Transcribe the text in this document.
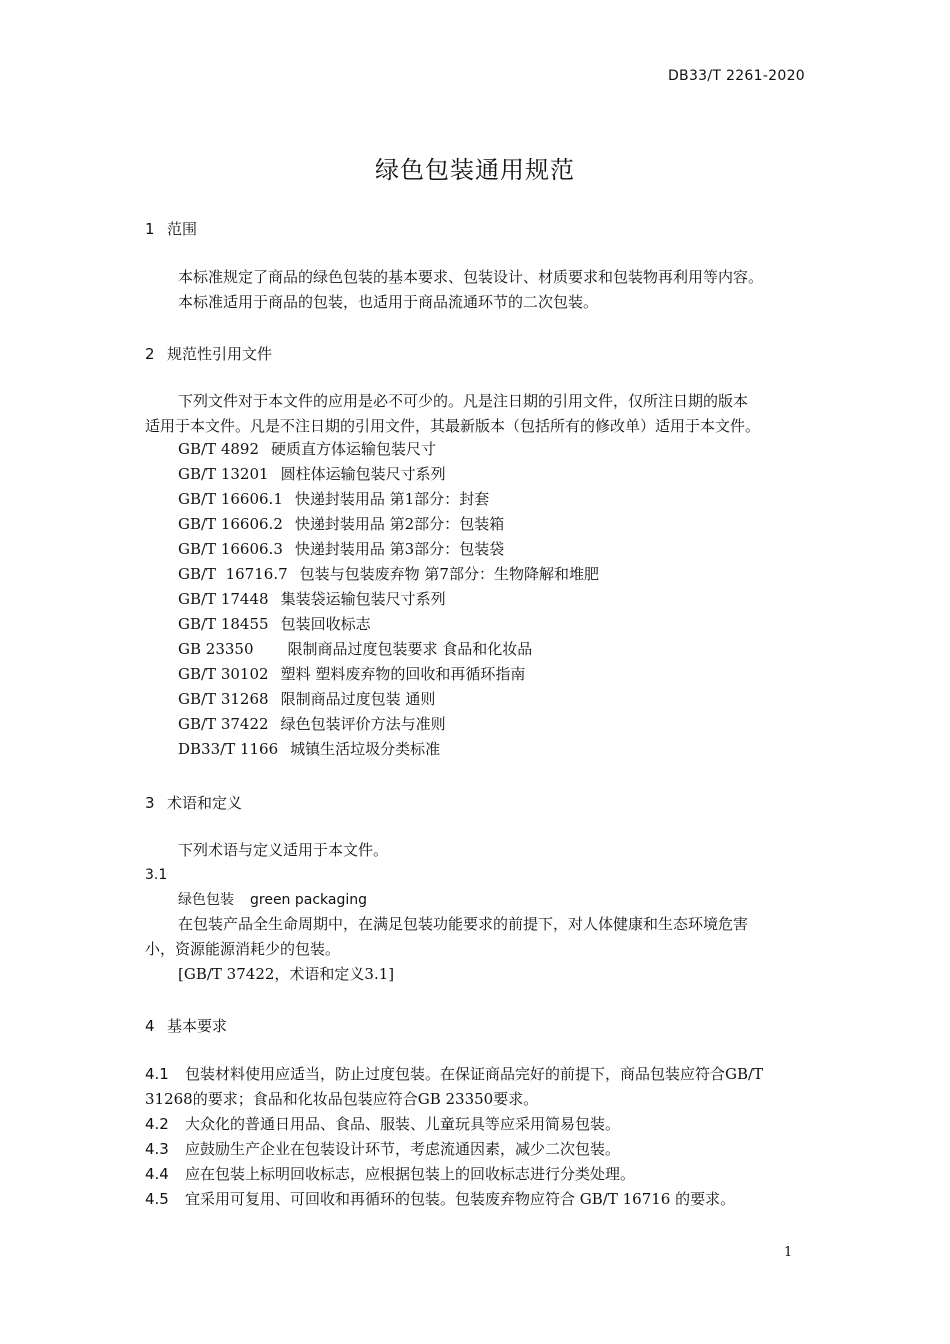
DB33/T 2261-2020
绿色包装通用规范
1 范围
本标准规定了商品的绿色包装的基本要求、包装设计、材质要求和包装物再利用等内容。
本标准适用于商品的包装，也适用于商品流通环节的二次包装。
2 规范性引用文件
下列文件对于本文件的应用是必不可少的。凡是注日期的引用文件，仅所注日期的版本
适用于本文件。凡是不注日期的引用文件，其最新版本（包括所有的修改单）适用于本文件。
GB/T 4892 硬质直方体运输包装尺寸
GB/T 13201 圆柱体运输包装尺寸系列
GB/T 16606.1 快递封装用品 第1部分：封套
GB/T 16606.2 快递封装用品 第2部分：包装箱
GB/T 16606.3 快递封装用品 第3部分：包装袋
GB/T  16716.7 包装与包装废弃物 第7部分：生物降解和堆肥
GB/T 17448 集装袋运输包装尺寸系列
GB/T 18455 包装回收标志
GB 23350 限制商品过度包装要求 食品和化妆品
GB/T 30102 塑料 塑料废弃物的回收和再循环指南
GB/T 31268 限制商品过度包装 通则
GB/T 37422 绿色包装评价方法与准则
DB33/T 1166 城镇生活垃圾分类标准
3 术语和定义
下列术语与定义适用于本文件。
3.1
绿色包装 green packaging
在包装产品全生命周期中，在满足包装功能要求的前提下，对人体健康和生态环境危害
小，资源能源消耗少的包装。
[GB/T 37422，术语和定义3.1]
4 基本要求
4.1 包装材料使用应适当，防止过度包装。在保证商品完好的前提下，商品包装应符合GB/T
31268的要求；食品和化妆品包装应符合GB 23350要求。
4.2 大众化的普通日用品、食品、服装、儿童玩具等应采用简易包装。
4.3 应鼓励生产企业在包装设计环节，考虑流通因素，减少二次包装。
4.4 应在包装上标明回收标志，应根据包装上的回收标志进行分类处理。
4.5 宜采用可复用、可回收和再循环的包装。包装废弃物应符合 GB/T 16716 的要求。
1
